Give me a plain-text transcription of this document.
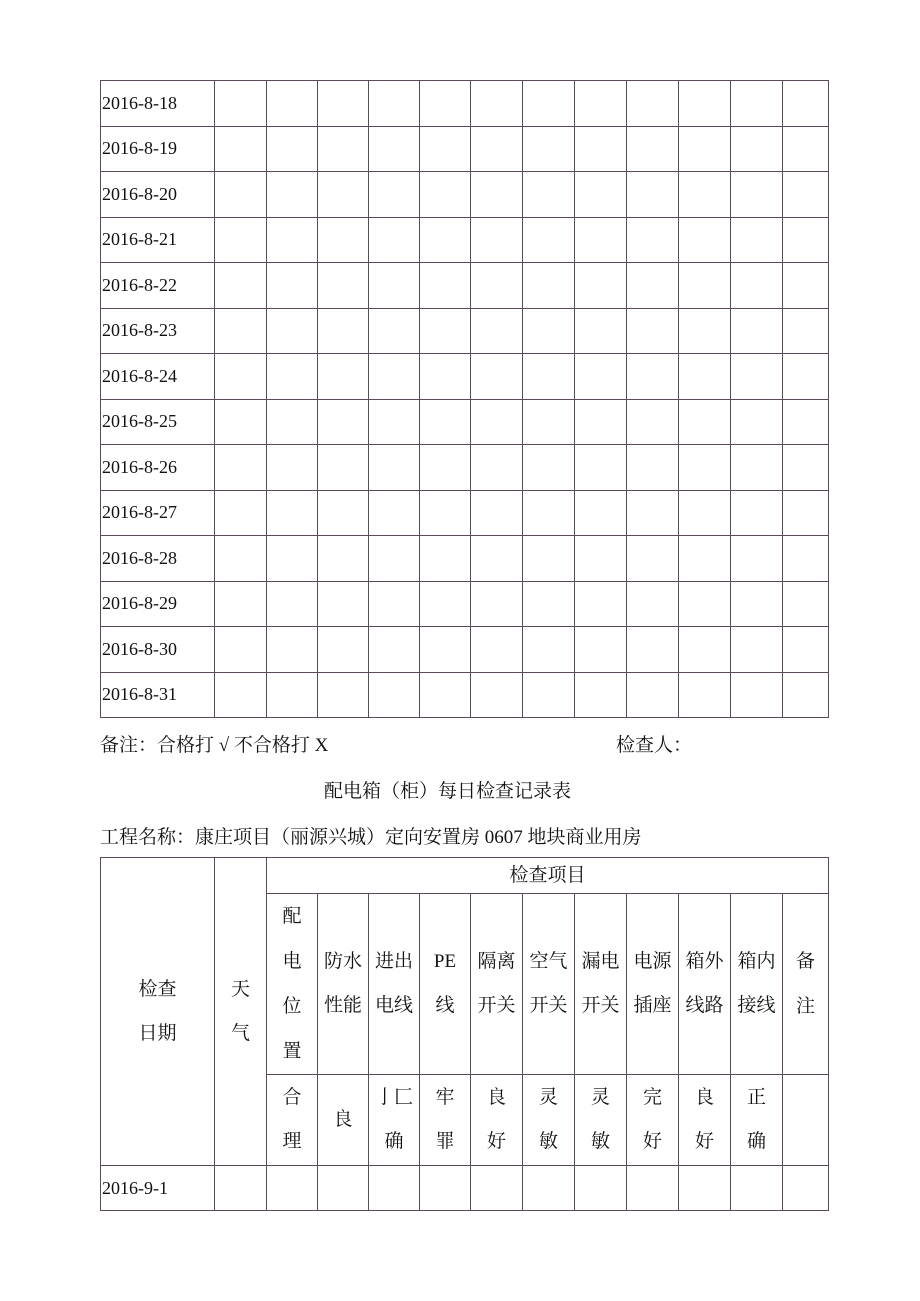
2016-8-18												
2016-8-19												
2016-8-20												
2016-8-21												
2016-8-22												
2016-8-23												
2016-8-24												
2016-8-25												
2016-8-26												
2016-8-27												
2016-8-28												
2016-8-29												
2016-8-30												
2016-8-31												
备注：合格打 √ 不合格打 X	检查人：
配电箱（柜）每日检查记录表
工程名称：康庄项目（丽源兴城）定向安置房 0607 地块商业用房
检查日期	天气	检查项目										
		配电位置	防水性能	进出电线	PE线	隔离开关	空气开关	漏电开关	电源插座	箱外线路	箱内接线	备注
		合理	良	亅匚确	牢罪	良好	灵敏	灵敏	完好	良好	正确	
2016-9-1												
